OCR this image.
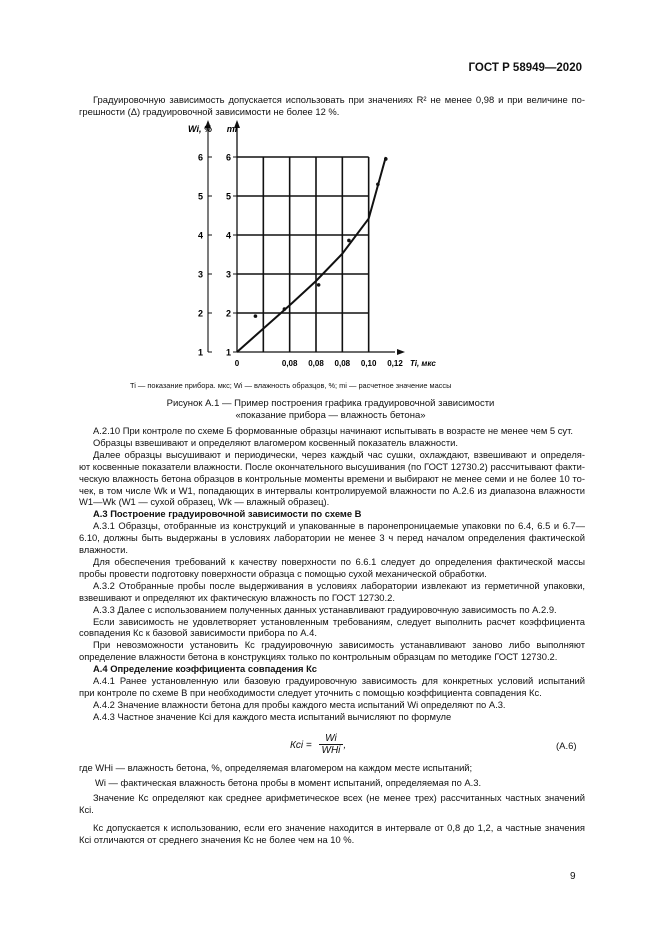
ГОСТ Р 58949—2020
Градуировочную зависимость допускается использовать при значениях R² не менее 0,98 и при величине по-
грешности (Δ) градуировочной зависимости не более 12 %.
1	1
2	2
3	3
4	4
5	5
6	6
0	0,08 0,08 0,08 0,10 0,12
Wi, % mi
Ti, мкс
Ti — показание прибора. мкс; Wi — влажность образцов, %; mi — расчетное значение массы
Рисунок А.1 — Пример построения графика градуировочной зависимости
«показание прибора — влажность бетона»
A.2.10 При контроле по схеме Б формованные образцы начинают испытывать в возрасте не менее чем 5 сут.
Образцы взвешивают и определяют влагомером косвенный показатель влажности.
Далее образцы высушивают и периодически, через каждый час сушки, охлаждают, взвешивают и определя-
ют косвенные показатели влажности. После окончательного высушивания (по ГОСТ 12730.2) рассчитывают факти-
ческую влажность бетона образцов в контрольные моменты времени и выбирают не менее семи и не более 10 то-
чек, в том числе Wk и W1, попадающих в интервалы контролируемой влажности по А.2.6 из диапазона влажности
W1—Wk (W1 — сухой образец, Wk — влажный образец).
A.3 Построение градуировочной зависимости по схеме В
A.3.1 Образцы, отобранные из конструкций и упакованные в паронепроницаемые упаковки по 6.4, 6.5 и 6.7—
6.10, должны быть выдержаны в условиях лаборатории не менее 3 ч перед началом определения фактической
влажности.
Для обеспечения требований к качеству поверхности по 6.6.1 следует до определения фактической массы
пробы провести подготовку поверхности образца с помощью сухой механической обработки.
A.3.2 Отобранные пробы после выдерживания в условиях лаборатории извлекают из герметичной упаковки,
взвешивают и определяют их фактическую влажность по ГОСТ 12730.2.
A.3.3 Далее с использованием полученных данных устанавливают градуировочную зависимость по А.2.9.
Если зависимость не удовлетворяет установленным требованиям, следует выполнить расчет коэффициента
совпадения Кс к базовой зависимости прибора по А.4.
При невозможности установить Кс градуировочную зависимость устанавливают заново либо выполняют
определение влажности бетона в конструкциях только по контрольным образцам по методике ГОСТ 12730.2.
A.4 Определение коэффициента совпадения Кс
A.4.1 Ранее установленную или базовую градуировочную зависимость для конкретных условий испытаний
при контроле по схеме В при необходимости следует уточнить с помощью коэффициента совпадения Кс.
A.4.2 Значение влажности бетона для пробы каждого места испытаний Wi определяют по А.3.
A.4.3 Частное значение Кci для каждого места испытаний вычисляют по формуле
Кci =
Wi
WHi ,	(А.6)
где WHi — влажность бетона, %, определяемая влагомером на каждом месте испытаний;
Wi — фактическая влажность бетона пробы в момент испытаний, определяемая по А.3.
Значение Кс определяют как среднее арифметическое всех (не менее трех) рассчитанных частных значений
Кci.
Кс допускается к использованию, если его значение находится в интервале от 0,8 до 1,2, а частные значения
Кci отличаются от среднего значения Кс не более чем на 10 %.
9
